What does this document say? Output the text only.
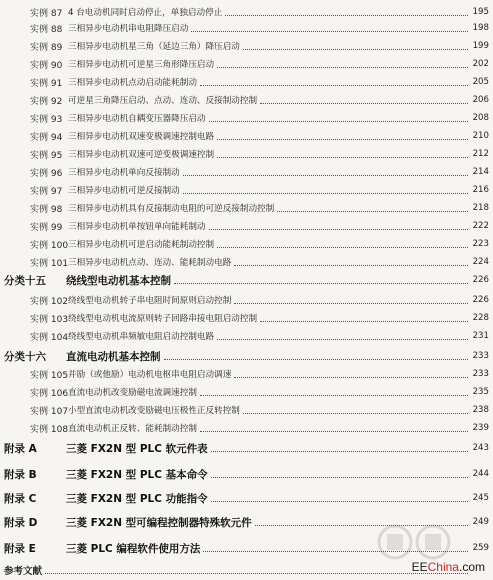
实例 87 4 台电动机同时启动停止，单独启动停止	195
实例 88 三相异步电动机串电阻降压启动	198
实例 89 三相异步电动机星三角（延边三角）降压启动	199
实例 90 三相异步电动机可逆星三角形降压启动	202
实例 91 三相异步电动机点动启动能耗制动	205
实例 92 可逆星三角降压启动、点动、连动、反接制动控制	206
实例 93 三相异步电动机自耦变压器降压启动	208
实例 94 三相异步电动机双速变极调速控制电路	210
实例 95 三相异步电动机双速可逆变极调速控制	212
实例 96 三相异步电动机单向反接制动	214
实例 97 三相异步电动机可逆反接制动	216
实例 98 三相异步电动机具有反接制动电阻的可逆反接制动控制	218
实例 99 三相异步电动机单按钮单向能耗制动	222
实例 100 三相异步电动机可逆启动能耗制动控制	223
实例 101 三相异步电动机点动、连动、能耗制动电路	224
分类十五	绕线型电动机基本控制	226
实例 102 绕线型电动机转子串电阻时间原则启动控制	226
实例 103 绕线型电动机电流原则转子回路串接电阻启动控制	228
实例 104 绕线型电动机串频敏电阻启动控制电路	231
分类十六	直流电动机基本控制	233
实例 105 并励（或他励）电动机电枢串电阻启动调速	233
实例 106 直流电动机改变励磁电流调速控制	235
实例 107 小型直流电动机改变励磁电压极性正反转控制	238
实例 108 直流电动机正反转、能耗制动控制	239
附录 A	三菱 FX2N 型 PLC 软元件表	243
附录 B	三菱 FX2N 型 PLC 基本命令	244
附录 C	三菱 FX2N 型 PLC 功能指令	245
附录 D	三菱 FX2N 型可编程控制器特殊软元件	249
附录 E	三菱 PLC 编程软件使用方法	259
参考文献	EEChina.com
